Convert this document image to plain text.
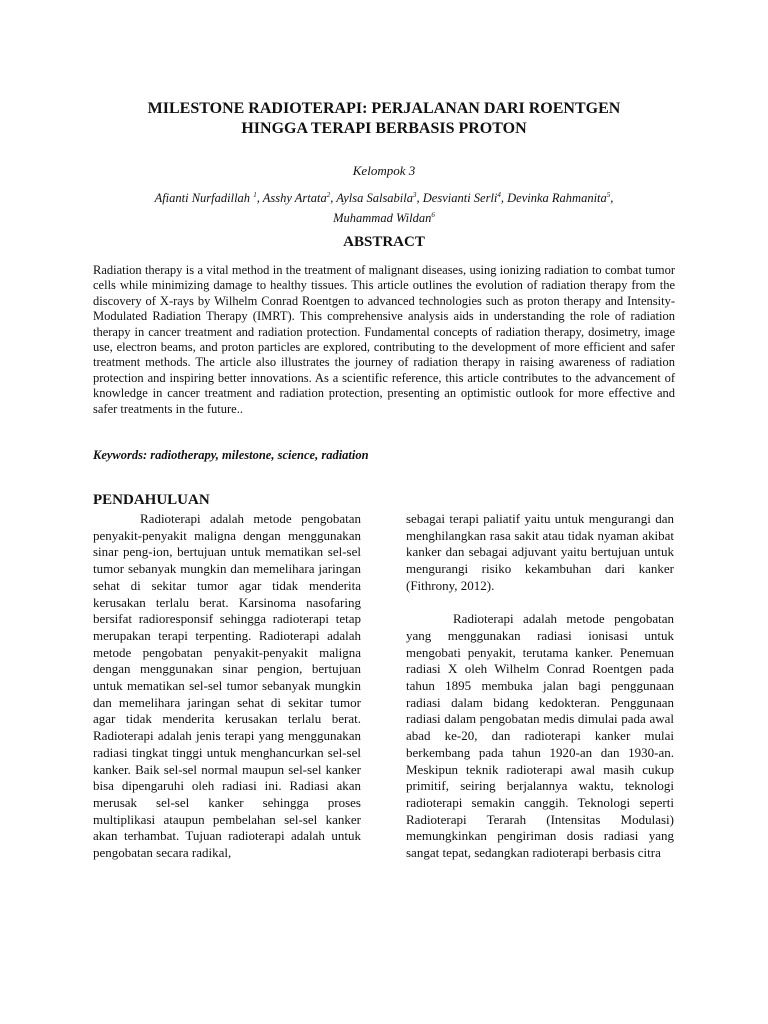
MILESTONE RADIOTERAPI: PERJALANAN DARI ROENTGEN
HINGGA TERAPI BERBASIS PROTON
Kelompok 3
Afianti Nurfadillah $^1$, Asshy Artata$^2$, Aylsa Salsabila$^3$, Desvianti Serli$^4$, Devinka Rahmanita$^5$,
Muhammad Wildan$^6$
ABSTRACT

Radiation therapy is a vital method in the treatment of malignant diseases, using ionizing radiation to combat tumor cells while minimizing damage to healthy tissues. This article outlines the evolution of radiation therapy from the discovery of X-rays by Wilhelm Conrad Roentgen to advanced technologies such as proton therapy and Intensity-Modulated Radiation Therapy (IMRT). This comprehensive analysis aids in understanding the role of radiation therapy in cancer treatment and radiation protection. Fundamental concepts of radiation therapy, dosimetry, image use, electron beams, and proton particles are explored, contributing to the development of more efficient and safer treatment methods. The article also illustrates the journey of radiation therapy in raising awareness of radiation protection and inspiring better innovations. As a scientific reference, this article contributes to the advancement of knowledge in cancer treatment and radiation protection, presenting an optimistic outlook for more effective and safer treatments in the future..

Keywords: radiotherapy, milestone, science, radiation
PENDAHULUAN

Radioterapi adalah metode pengobatan penyakit-penyakit maligna dengan menggunakan sinar peng-ion, bertujuan untuk mematikan sel-sel tumor sebanyak mungkin dan memelihara jaringan sehat di sekitar tumor agar tidak menderita kerusakan terlalu berat. Karsinoma nasofaring bersifat radioresponsif sehingga radioterapi tetap merupakan terapi terpenting. Radioterapi adalah metode pengobatan penyakit-penyakit maligna dengan menggunakan sinar pengion, bertujuan untuk mematikan sel-sel tumor sebanyak mungkin dan memelihara jaringan sehat di sekitar tumor agar tidak menderita kerusakan terlalu berat. Radioterapi adalah jenis terapi yang menggunakan radiasi tingkat tinggi untuk menghancurkan sel-sel kanker. Baik sel-sel normal maupun sel-sel kanker bisa dipengaruhi oleh radiasi ini. Radiasi akan merusak sel-sel kanker sehingga proses multiplikasi ataupun pembelahan sel-sel kanker akan terhambat. Tujuan radioterapi adalah untuk pengobatan secara radikal,

sebagai terapi paliatif yaitu untuk mengurangi dan menghilangkan rasa sakit atau tidak nyaman akibat kanker dan sebagai adjuvant yaitu bertujuan untuk mengurangi risiko kekambuhan dari kanker (Fithrony, 2012).

Radioterapi adalah metode pengobatan yang menggunakan radiasi ionisasi untuk mengobati penyakit, terutama kanker. Penemuan radiasi X oleh Wilhelm Conrad Roentgen pada tahun 1895 membuka jalan bagi penggunaan radiasi dalam bidang kedokteran. Penggunaan radiasi dalam pengobatan medis dimulai pada awal abad ke-20, dan radioterapi kanker mulai berkembang pada tahun 1920-an dan 1930-an. Meskipun teknik radioterapi awal masih cukup primitif, seiring berjalannya waktu, teknologi radioterapi semakin canggih. Teknologi seperti Radioterapi Terarah (Intensitas Modulasi) memungkinkan pengiriman dosis radiasi yang sangat tepat, sedangkan radioterapi berbasis citra
